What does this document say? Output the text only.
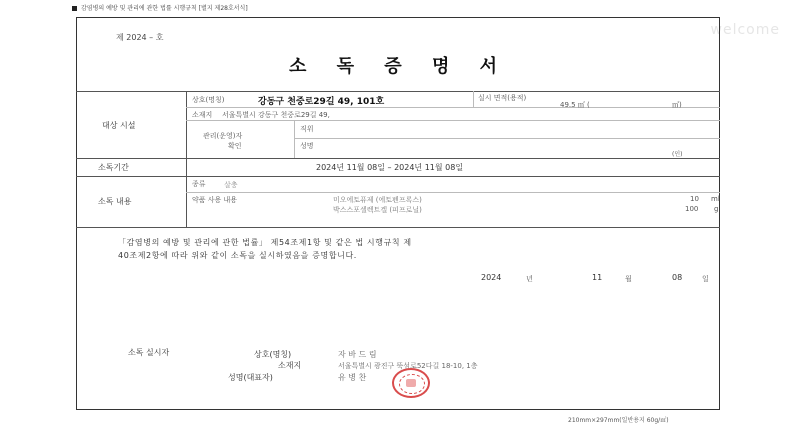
감염병의 예방 및 관리에 관한 법률 시행규칙 [별지 제28호서식]
welcome
제 2024 – 호
소 독 증 명 서
대상 시설
상호(명칭)	강동구 천중로29길 49, 101호	실시 면적(용적)
49.5 ㎡ (	㎥)
소재지 서울특별시 강동구 천중로29길 49,
관리(운영)자
확인
직위
성명
(인)
소독기간	2024년 11월 08일 – 2024년 11월 08일
소독 내용
종류	살충
약품 사용 내용	미오에토퓨제 (에토펜프록스)	10 ml
박스스포셀렉트겔 (피프로닐)	100 g
「감염병의 예방 및 관리에 관한 법률」 제54조제1항 및 같은 법 시행규칙 제
40조제2항에 따라 위와 같이 소독을 실시하였음을 증명합니다.
2024	년	11	월	08	일
소독 실시자	상호(명칭)	자 바 드 림
소재지	서울특별시 광진구 뚝섬로52다길 18-10, 1층
성명(대표자)	유 병 찬
210mm×297mm(일반용지 60g/㎡)
